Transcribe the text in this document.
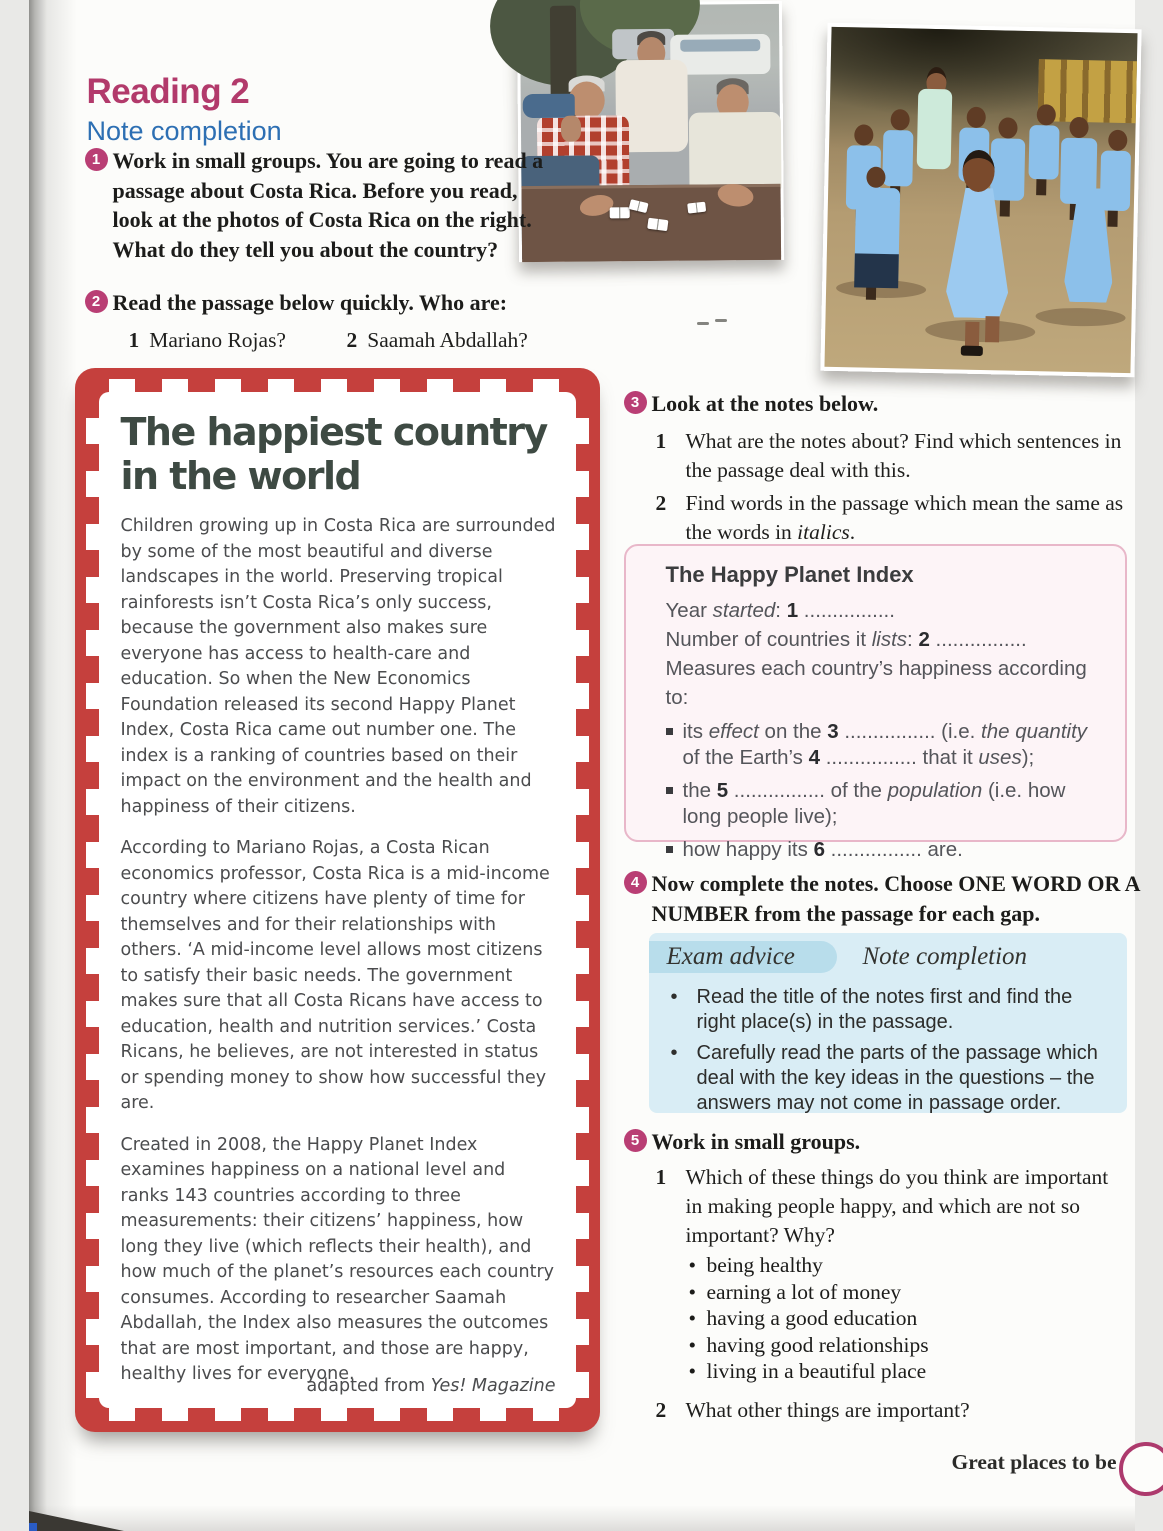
Reading 2
Note completion
1 Work in small groups. You are going to read a passage about Costa Rica. Before you read, look at the photos of Costa Rica on the right. What do they tell you about the country?
2 Read the passage below quickly. Who are:
1 Mariano Rojas?	2 Saamah Abdallah?
The happiest country
in the world

Children growing up in Costa Rica are surrounded by some of the most beautiful and diverse landscapes in the world. Preserving tropical rainforests isn’t Costa Rica’s only success, because the government also makes sure everyone has access to health-care and education. So when the New Economics Foundation released its second Happy Planet Index, Costa Rica came out number one. The index is a ranking of countries based on their impact on the environment and the health and happiness of their citizens.

According to Mariano Rojas, a Costa Rican economics professor, Costa Rica is a mid-income country where citizens have plenty of time for themselves and for their relationships with others. ‘A mid-income level allows most citizens to satisfy their basic needs. The government makes sure that all Costa Ricans have access to education, health and nutrition services.’ Costa Ricans, he believes, are not interested in status or spending money to show how successful they are.

Created in 2008, the Happy Planet Index examines happiness on a national level and ranks 143 countries according to three measurements: their citizens’ happiness, how long they live (which reflects their health), and how much of the planet’s resources each country consumes. According to researcher Saamah Abdallah, the Index also measures the outcomes that are most important, and those are happy, healthy lives for everyone.

adapted from Yes! Magazine
3 Look at the notes below.
1 What are the notes about? Find which sentences in the passage deal with this.
2 Find words in the passage which mean the same as the words in italics.
The Happy Planet Index
Year started: 1 ................
Number of countries it lists: 2 ................
Measures each country’s happiness according to:
its effect on the 3 ................ (i.e. the quantity of the Earth’s 4 ................ that it uses);
the 5 ................ of the population (i.e. how long people live);
how happy its 6 ................ are.
4 Now complete the notes. Choose ONE WORD OR A
NUMBER from the passage for each gap.
Exam advice	Note completion
• Read the title of the notes first and find the right place(s) in the passage.
• Carefully read the parts of the passage which deal with the key ideas in the questions – the answers may not come in passage order.
5 Work in small groups.
1 Which of these things do you think are important in making people happy, and which are not so important? Why?
• being healthy
• earning a lot of money
• having a good education
• having good relationships
• living in a beautiful place
2 What other things are important?
Great places to be
